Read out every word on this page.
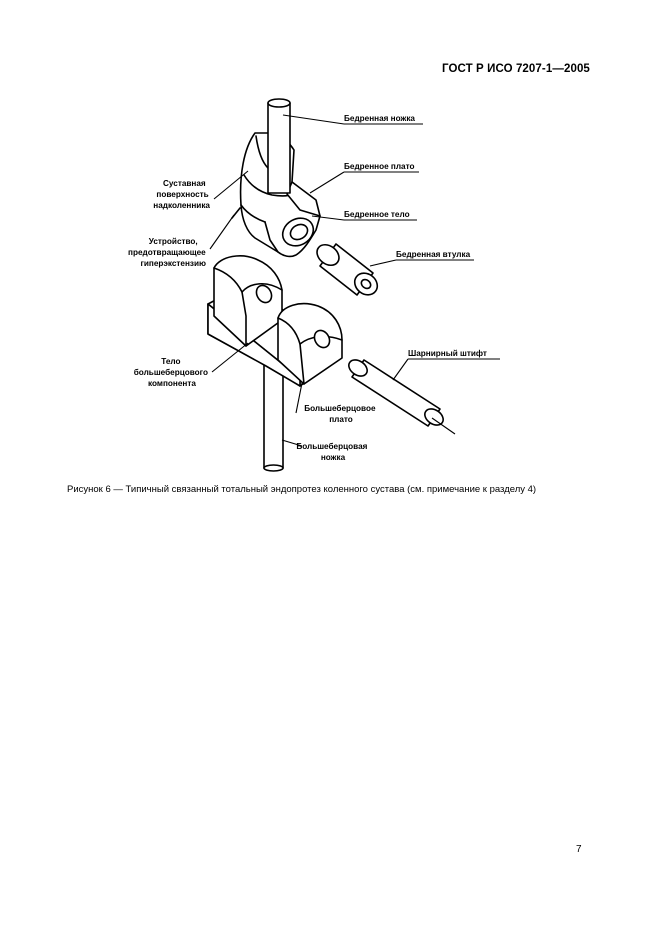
ГОСТ Р ИСО 7207-1—2005
Бедренная ножка
Бедренное плато
Бедренное тело
Бедренная втулка
Шарнирный штифт
Суставная поверхность надколенника
Устройство, предотвращающее гиперэкстензию
Тело большеберцового компонента
Большеберцовое плато
Большеберцовая ножка
Рисунок 6 — Типичный связанный тотальный эндопротез коленного сустава (см. примечание к разделу 4)
7
